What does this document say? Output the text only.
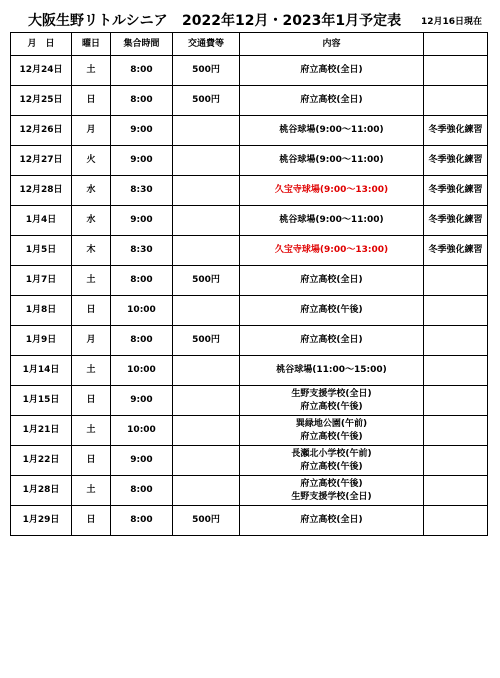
大阪生野リトルシニア 2022年12月・2023年1月予定表 12月16日現在
月　日	曜日	集合時間	交通費等	内容	
12月24日	土	8:00	500円	府立高校(全日)	

12月25日	日	8:00	500円	府立高校(全日)	

12月26日	月	9:00		桃谷球場(9:00～11:00)	冬季強化練習
12月27日	火	9:00		桃谷球場(9:00～11:00)	冬季強化練習
12月28日	水	8:30		久宝寺球場(9:00～13:00)	冬季強化練習
1月4日	水	9:00		桃谷球場(9:00～11:00)	冬季強化練習
1月5日	木	8:30		久宝寺球場(9:00～13:00)	冬季強化練習
1月7日	土	8:00	500円	府立高校(全日)	

1月8日	日	10:00		府立高校(午後)	

1月9日	月	8:00	500円	府立高校(全日)	

1月14日	土	10:00		桃谷球場(11:00～15:00)	

1月15日	日	9:00		生野支援学校(全日)
府立高校(午後)	

1月21日	土	10:00		巽緑地公園(午前)
府立高校(午後)	

1月22日	日	9:00		長瀬北小学校(午前)
府立高校(午後)	

1月28日	土	8:00		府立高校(午後)
生野支援学校(全日)	

1月29日	日	8:00	500円	府立高校(全日)	
